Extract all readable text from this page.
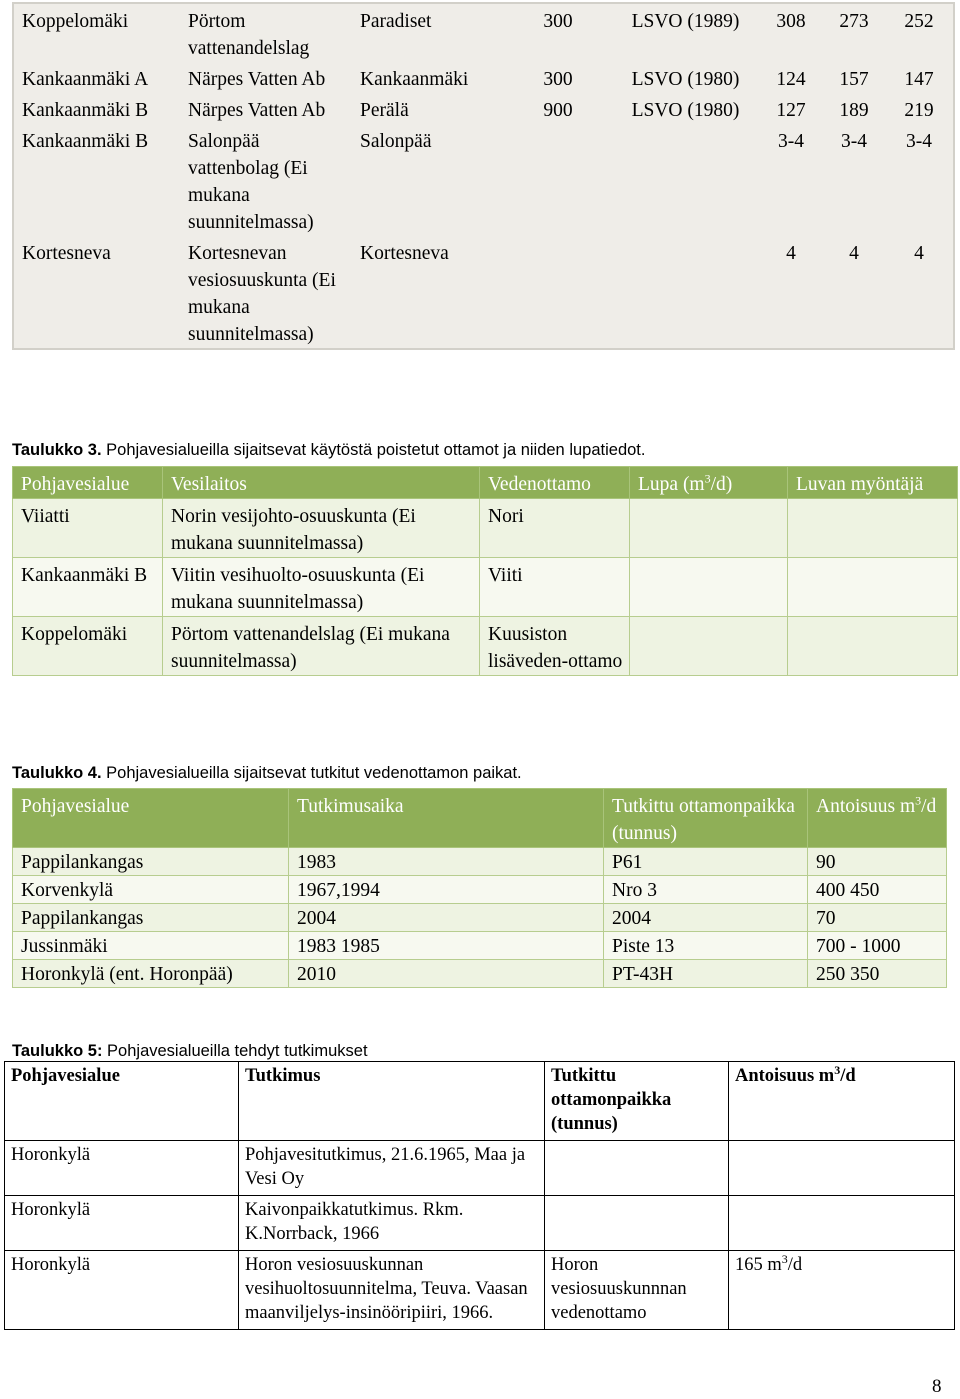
Koppelomäki	Pörtom vattenandelslag	Paradiset	300	LSVO (1989)	308	273	252
Kankaanmäki A	Närpes Vatten Ab	Kankaanmäki	300	LSVO (1980)	124	157	147
Kankaanmäki B	Närpes Vatten Ab	Perälä	900	LSVO (1980)	127	189	219
Kankaanmäki B	Salonpää vattenbolag (Ei mukana suunnitelmassa)	Salonpää			3-4	3-4	3-4
Kortesneva	Kortesnevan vesiosuuskunta (Ei mukana suunnitelmassa)	Kortesneva			4	4	4
Taulukko 3. Pohjavesialueilla sijaitsevat käytöstä poistetut ottamot ja niiden lupatiedot.
Pohjavesialue	Vesilaitos	Vedenottamo	Lupa $(m^3/d)$	Luvan myöntäjä
Viiatti	Norin vesijohto-osuuskunta (Ei mukana suunnitelmassa)	Nori		
Kankaanmäki B	Viitin vesihuolto-osuuskunta (Ei mukana suunnitelmassa)	Viiti		
Koppelomäki	Pörtom vattenandelslag (Ei mukana suunnitelmassa)	Kuusiston lisäveden-ottamo		
Taulukko 4. Pohjavesialueilla sijaitsevat tutkitut vedenottamon paikat.
Pohjavesialue	Tutkimusaika	Tutkittu ottamonpaikka (tunnus)	Antoisuus $m^3/d$
Pappilankangas	1983	P61	90
Korvenkylä	1967,1994	Nro 3	400 450
Pappilankangas	2004	2004	70
Jussinmäki	1983 1985	Piste 13	700 - 1000
Horonkylä (ent. Horonpää)	2010	PT-43H	250 350
Taulukko 5: Pohjavesialueilla tehdyt tutkimukset
Pohjavesialue	Tutkimus	Tutkittu ottamonpaikka (tunnus)	Antoisuus $m^3/d$
Horonkylä	Pohjavesitutkimus, 21.6.1965, Maa ja Vesi Oy		
Horonkylä	Kaivonpaikkatutkimus. Rkm. K.Norrback, 1966		
Horonkylä	Horon vesiosuuskunnan vesihuoltosuunnitelma, Teuva. Vaasan maanviljelys-insinööripiiri, 1966.	Horon vesiosuuskunnnan vedenottamo	165 $m^3/d$
8
